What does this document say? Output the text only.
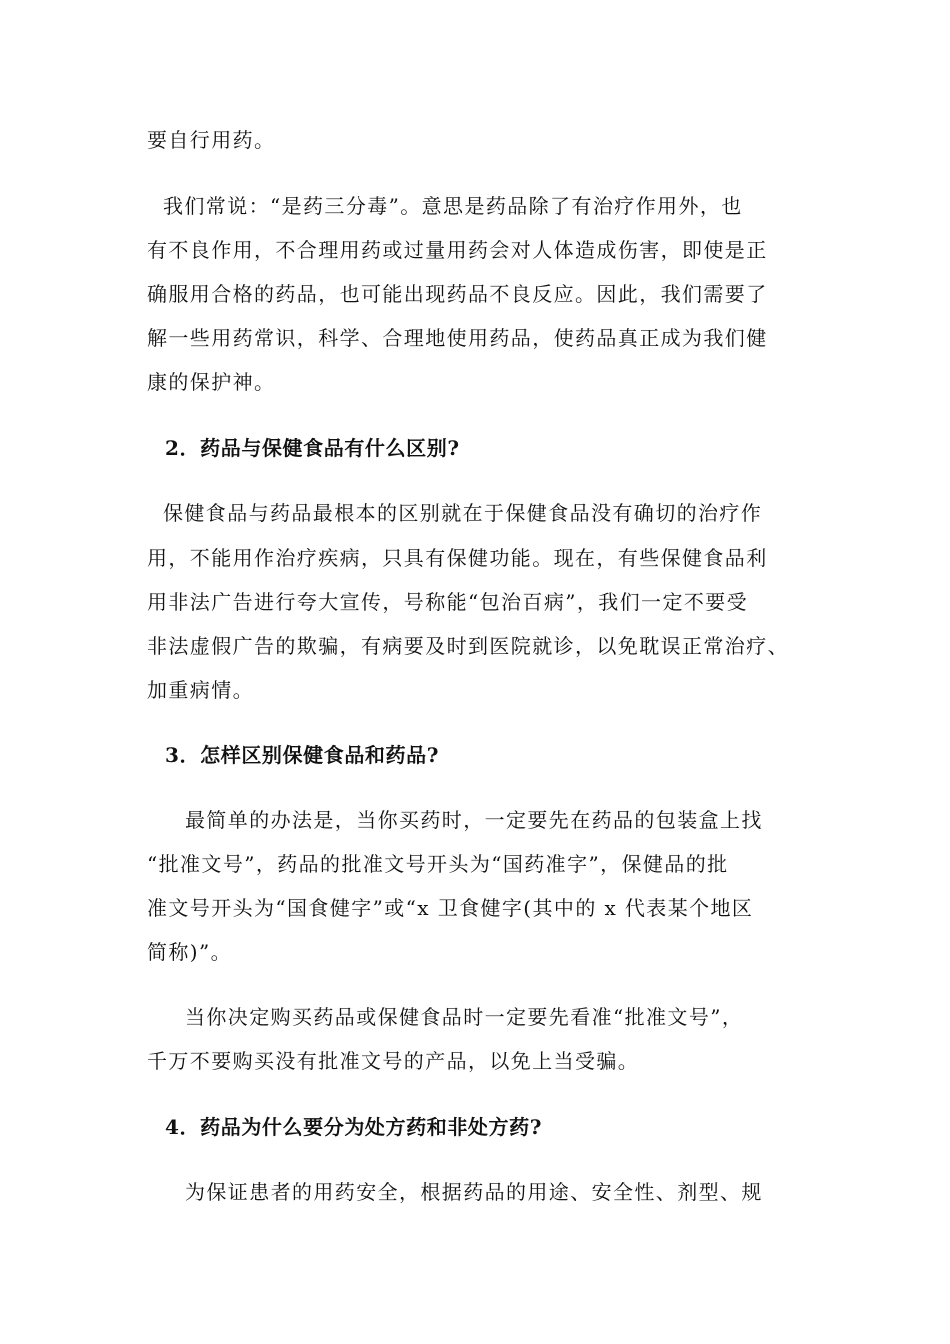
要自行用药。
我们常说：“是药三分毒”。意思是药品除了有治疗作用外，也
有不良作用，不合理用药或过量用药会对人体造成伤害，即使是正
确服用合格的药品，也可能出现药品不良反应。因此，我们需要了
解一些用药常识，科学、合理地使用药品，使药品真正成为我们健
康的保护神。
2．药品与保健食品有什么区别?
保健食品与药品最根本的区别就在于保健食品没有确切的治疗作
用，不能用作治疗疾病，只具有保健功能。现在，有些保健食品利
用非法广告进行夸大宣传，号称能“包治百病”，我们一定不要受
非法虚假广告的欺骗，有病要及时到医院就诊，以免耽误正常治疗、
加重病情。
3．怎样区别保健食品和药品?
最简单的办法是，当你买药时，一定要先在药品的包装盒上找
“批准文号”，药品的批准文号开头为“国药准字”，保健品的批
准文号开头为“国食健字”或“x 卫食健字(其中的 x 代表某个地区
简称)”。
当你决定购买药品或保健食品时一定要先看准“批准文号”，
千万不要购买没有批准文号的产品，以免上当受骗。
4．药品为什么要分为处方药和非处方药?
为保证患者的用药安全，根据药品的用途、安全性、剂型、规
